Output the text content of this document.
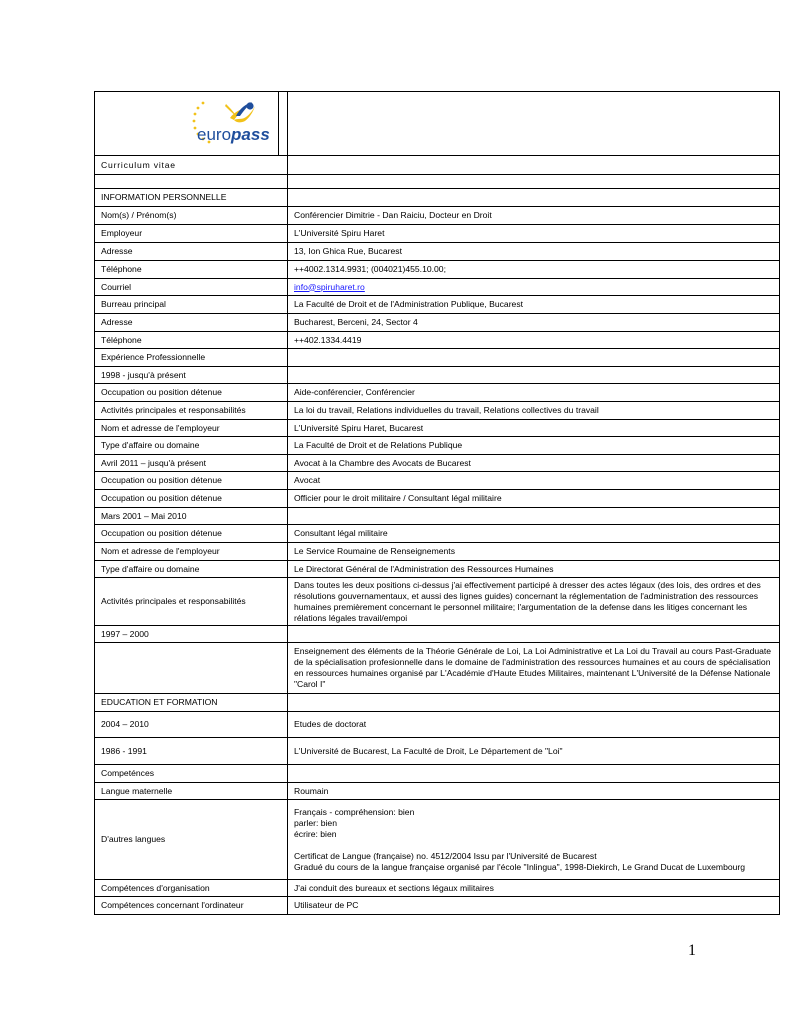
europass	

Curriculum vitae	

INFORMATION PERSONNELLE	
Nom(s) / Prénom(s)	Conférencier Dimitrie - Dan Raiciu, Docteur en Droit
Employeur	L'Université Spiru Haret
Adresse	13, Ion Ghica Rue, Bucarest
Téléphone	++4002.1314.9931; (004021)455.10.00;
Courriel	info@spiruharet.ro
Burreau principal	La Faculté de Droit et de l'Administration Publique, Bucarest
Adresse	Bucharest, Berceni, 24, Sector 4
Téléphone	++402.1334.4419
Expérience Professionnelle	
1998 - jusqu'à présent	
Occupation ou position détenue	Aide-conférencier, Conférencier
Activités principales et responsabilités	La loi du travail, Relations individuelles du travail, Relations collectives du travail
Nom et adresse de l'employeur	L'Université Spiru Haret, Bucarest
Type d'affaire ou domaine	La Faculté de Droit et de Relations Publique
Avril 2011 – jusqu'à présent	Avocat à la Chambre des Avocats de Bucarest
Occupation ou position détenue	Avocat
Occupation ou position détenue	Officier pour le droit militaire / Consultant légal militaire
Mars 2001 – Mai 2010	
Occupation ou position détenue	Consultant légal militaire
Nom et adresse de l'employeur	Le Service Roumaine de Renseignements
Type d'affaire ou domaine	Le Directorat Général de l'Administration des Ressources Humaines
Activités principales et responsabilités	Dans toutes les deux positions ci-dessus j'ai effectivement participé à dresser des actes légaux (des lois, des ordres et des résolutions gouvernamentaux, et aussi des lignes guides) concernant la réglementation de l'administration des ressources humaines premièrement concernant le personnel militaire; l'argumentation de la defense dans les litiges concernant les rélations légales travail/empoi
1997 – 2000	
	Enseignement des éléments de la Théorie Générale de Loi, La Loi Administrative et La Loi du Travail au cours Past-Graduate de la spécialisation profesionnelle dans le domaine de l'administration des ressources humaines et au cours de spécialisation en ressources humaines organisé par L'Académie d'Haute Etudes Militaires, maintenant L'Université de la Défense Nationale "Carol I"
EDUCATION ET FORMATION	
2004 – 2010	Etudes de doctorat
1986 - 1991	L'Université de Bucarest, La Faculté de Droit, Le Département de "Loi"
Competénces	
Langue maternelle	Roumain
D'autres langues	Français - compréhension: bien
parler: bien
écrire: bien

Certificat de Langue (française) no. 4512/2004 Issu par l'Université de Bucarest
Gradué du cours de la langue française organisé par l'école "Inlingua", 1998-Diekirch, Le Grand Ducat de Luxembourg
Compétences d'organisation	J'ai conduit des bureaux et sections légaux militaires
Compétences concernant l'ordinateur	Utilisateur de PC
1
